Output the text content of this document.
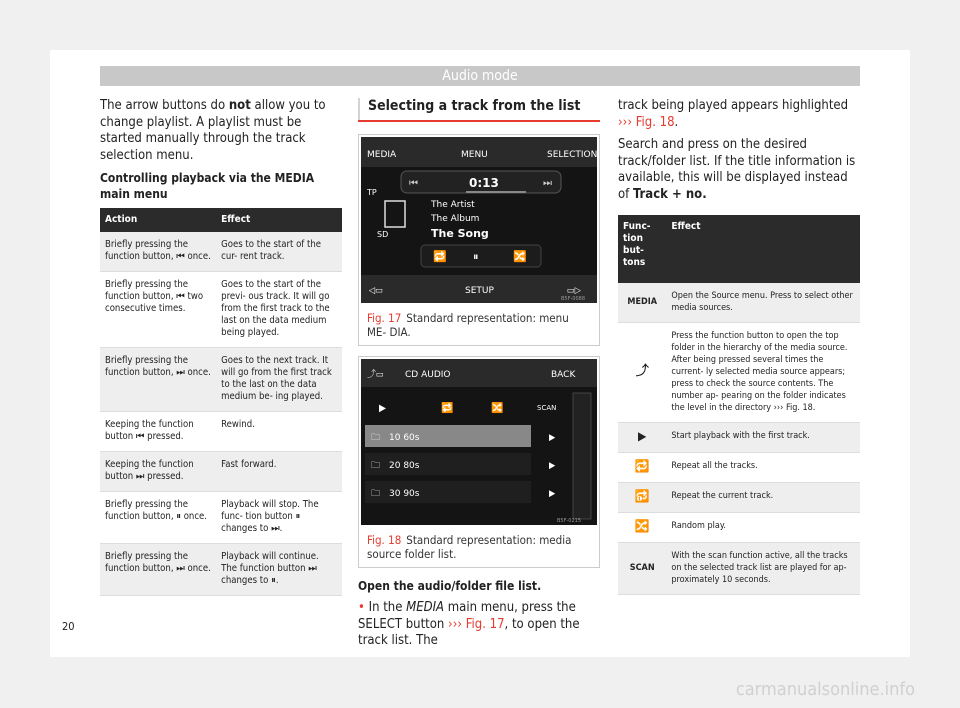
Audio mode

The arrow buttons do not allow you to change playlist. A playlist must be started manually through the track selection menu.

Controlling playback via the MEDIA main menu

Action	Effect
Briefly pressing the function button, ⏮ once.	Goes to the start of the cur- rent track.
Briefly pressing the function button, ⏮ two consecutive times.	Goes to the start of the previ- ous track. It will go from the first track to the last on the data medium being played.
Briefly pressing the function button, ⏭ once.	Goes to the next track. It will go from the first track to the last on the data medium be- ing played.
Keeping the function button ⏮ pressed.	Rewind.
Keeping the function button ⏭ pressed.	Fast forward.
Briefly pressing the function button, ⏸ once.	Playback will stop. The func- tion button ⏸ changes to ⏭.
Briefly pressing the function button, ⏭ once.	Playback will continue. The function button ⏭ changes to ⏸.
Selecting a track from the list
MEDIA	MENU	SELECTION
TP
⏮	0:13	⏭
SD
The Artist
The Album
The Song
🔁 ⏸	🔀
◁▭	SETUP	▭▷
B5F-0088
Fig. 17 Standard representation: menu ME- DIA.
⤴▭ CD AUDIO	BACK
▶	🔁	🔀	SCAN
🗀 10 60s	▶
🗀 20 80s	▶
🗀 30 90s	▶
B5F-0215
Fig. 18 Standard representation: media source folder list.

Open the audio/folder file list.

• In the MEDIA main menu, press the SELECT button ››› Fig. 17, to open the track list. The

track being played appears highlighted ››› Fig. 18.

Search and press on the desired track/folder list. If the title information is available, this will be displayed instead of Track + no.

Func- tion but- tons	Effect
MEDIA	Open the Source menu. Press to select other media sources.
⤴	Press the function button to open the top folder in the hierarchy of the media source. After being pressed several times the current- ly selected media source appears; press to check the source contents. The number ap- pearing on the folder indicates the level in the directory ››› Fig. 18.
▶	Start playback with the first track.
🔁	Repeat all the tracks.
🔂	Repeat the current track.
🔀	Random play.
SCAN	With the scan function active, all the tracks on the selected track list are played for ap- proximately 10 seconds.
20
carmanualsonline.info
